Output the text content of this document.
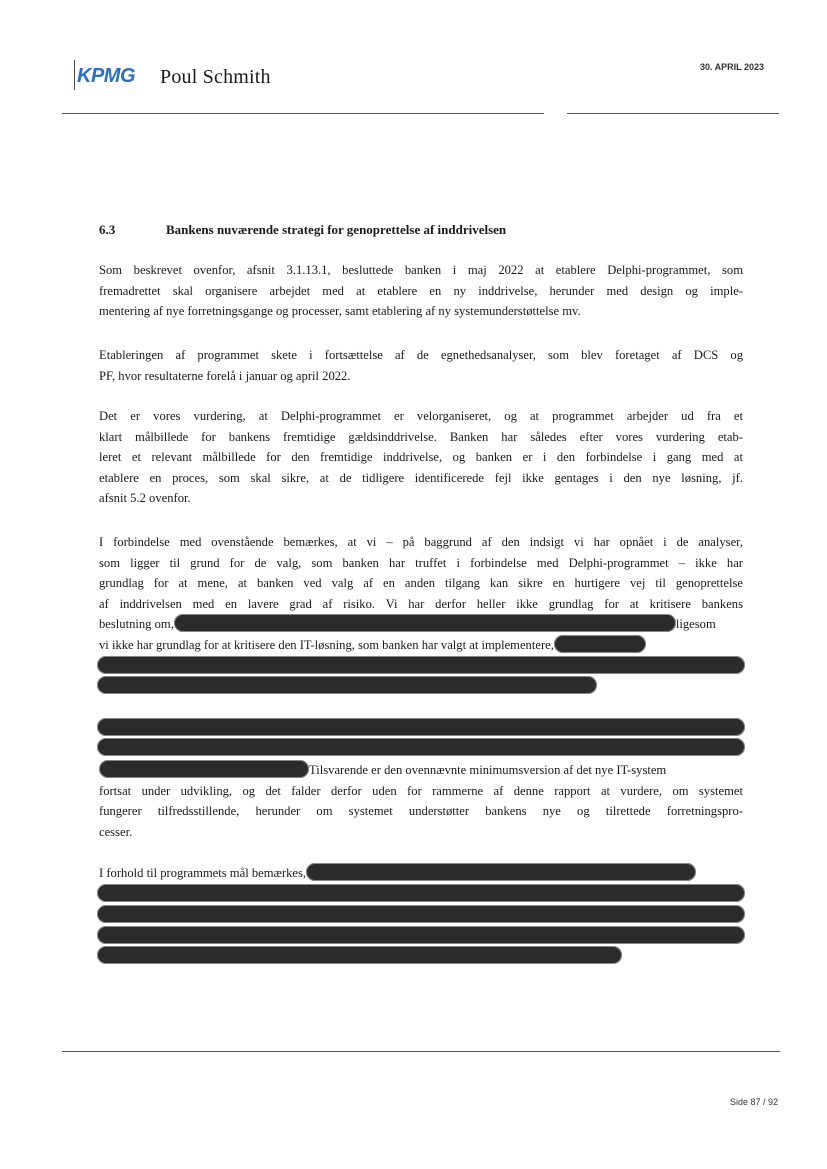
KPMG Poul Schmith	30. APRIL 2023
6.3	Bankens nuværende strategi for genoprettelse af inddrivelsen
Som beskrevet ovenfor, afsnit 3.1.13.1, besluttede banken i maj 2022 at etablere Delphi-programmet, som
fremadrettet skal organisere arbejdet med at etablere en ny inddrivelse, herunder med design og imple-
mentering af nye forretningsgange og processer, samt etablering af ny systemunderstøttelse mv.
Etableringen af programmet skete i fortsættelse af de egnethedsanalyser, som blev foretaget af DCS og
PF, hvor resultaterne forelå i januar og april 2022.
Det er vores vurdering, at Delphi-programmet er velorganiseret, og at programmet arbejder ud fra et
klart målbillede for bankens fremtidige gældsinddrivelse. Banken har således efter vores vurdering etab-
leret et relevant målbillede for den fremtidige inddrivelse, og banken er i den forbindelse i gang med at
etablere en proces, som skal sikre, at de tidligere identificerede fejl ikke gentages i den nye løsning, jf.
afsnit 5.2 ovenfor.
I forbindelse med ovenstående bemærkes, at vi – på baggrund af den indsigt vi har opnået i de analyser,
som ligger til grund for de valg, som banken har truffet i forbindelse med Delphi-programmet – ikke har
grundlag for at mene, at banken ved valg af en anden tilgang kan sikre en hurtigere vej til genoprettelse
af inddrivelsen med en lavere grad af risiko. Vi har derfor heller ikke grundlag for at kritisere bankens
beslutning om,	ligesom
vi ikke har grundlag for at kritisere den IT-løsning, som banken har valgt at implementere,
Tilsvarende er den ovennævnte minimumsversion af det nye IT-system
fortsat under udvikling, og det falder derfor uden for rammerne af denne rapport at vurdere, om systemet
fungerer tilfredsstillende, herunder om systemet understøtter bankens nye og tilrettede forretningspro-
cesser.
I forhold til programmets mål bemærkes,
Side 87 / 92
